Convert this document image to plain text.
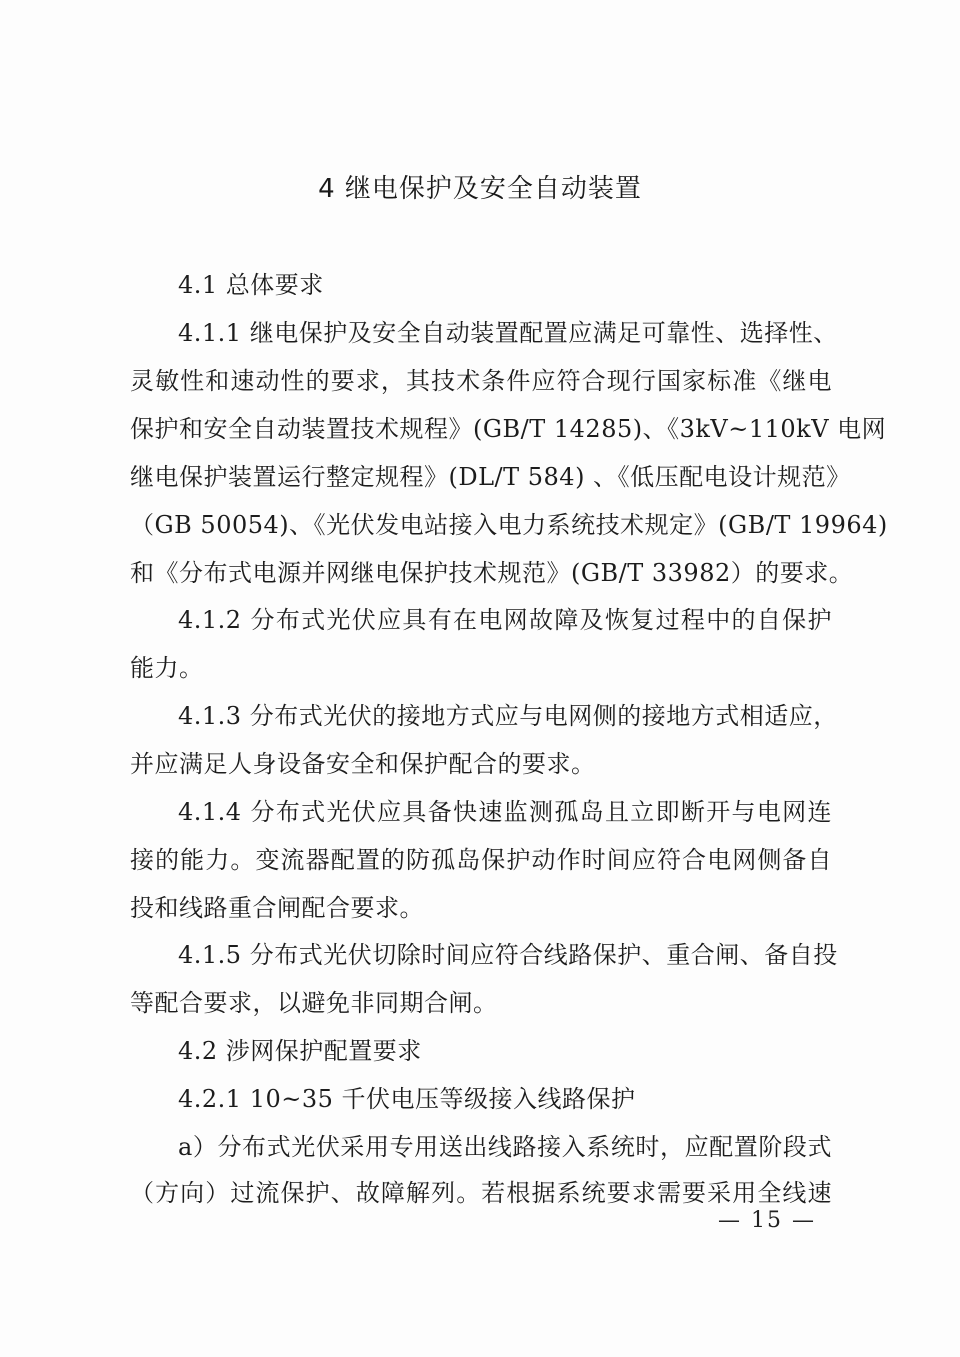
4 继电保护及安全自动装置
4.1 总体要求
4.1.1 继电保护及安全自动装置配置应满足可靠性、选择性、
灵敏性和速动性的要求，其技术条件应符合现行国家标准《继电
保护和安全自动装置技术规程》(GB/T 14285)、《3kV~110kV 电网
继电保护装置运行整定规程》(DL/T 584) 、《低压配电设计规范》
（GB 50054)、《光伏发电站接入电力系统技术规定》(GB/T 19964)
和《分布式电源并网继电保护技术规范》(GB/T 33982）的要求。
4.1.2 分布式光伏应具有在电网故障及恢复过程中的自保护
能力。
4.1.3 分布式光伏的接地方式应与电网侧的接地方式相适应，
并应满足人身设备安全和保护配合的要求。
4.1.4 分布式光伏应具备快速监测孤岛且立即断开与电网连
接的能力。变流器配置的防孤岛保护动作时间应符合电网侧备自
投和线路重合闸配合要求。
4.1.5 分布式光伏切除时间应符合线路保护、重合闸、备自投
等配合要求，以避免非同期合闸。
4.2 涉网保护配置要求
4.2.1 10~35 千伏电压等级接入线路保护
a）分布式光伏采用专用送出线路接入系统时，应配置阶段式
（方向）过流保护、故障解列。若根据系统要求需要采用全线速
— 15 —
